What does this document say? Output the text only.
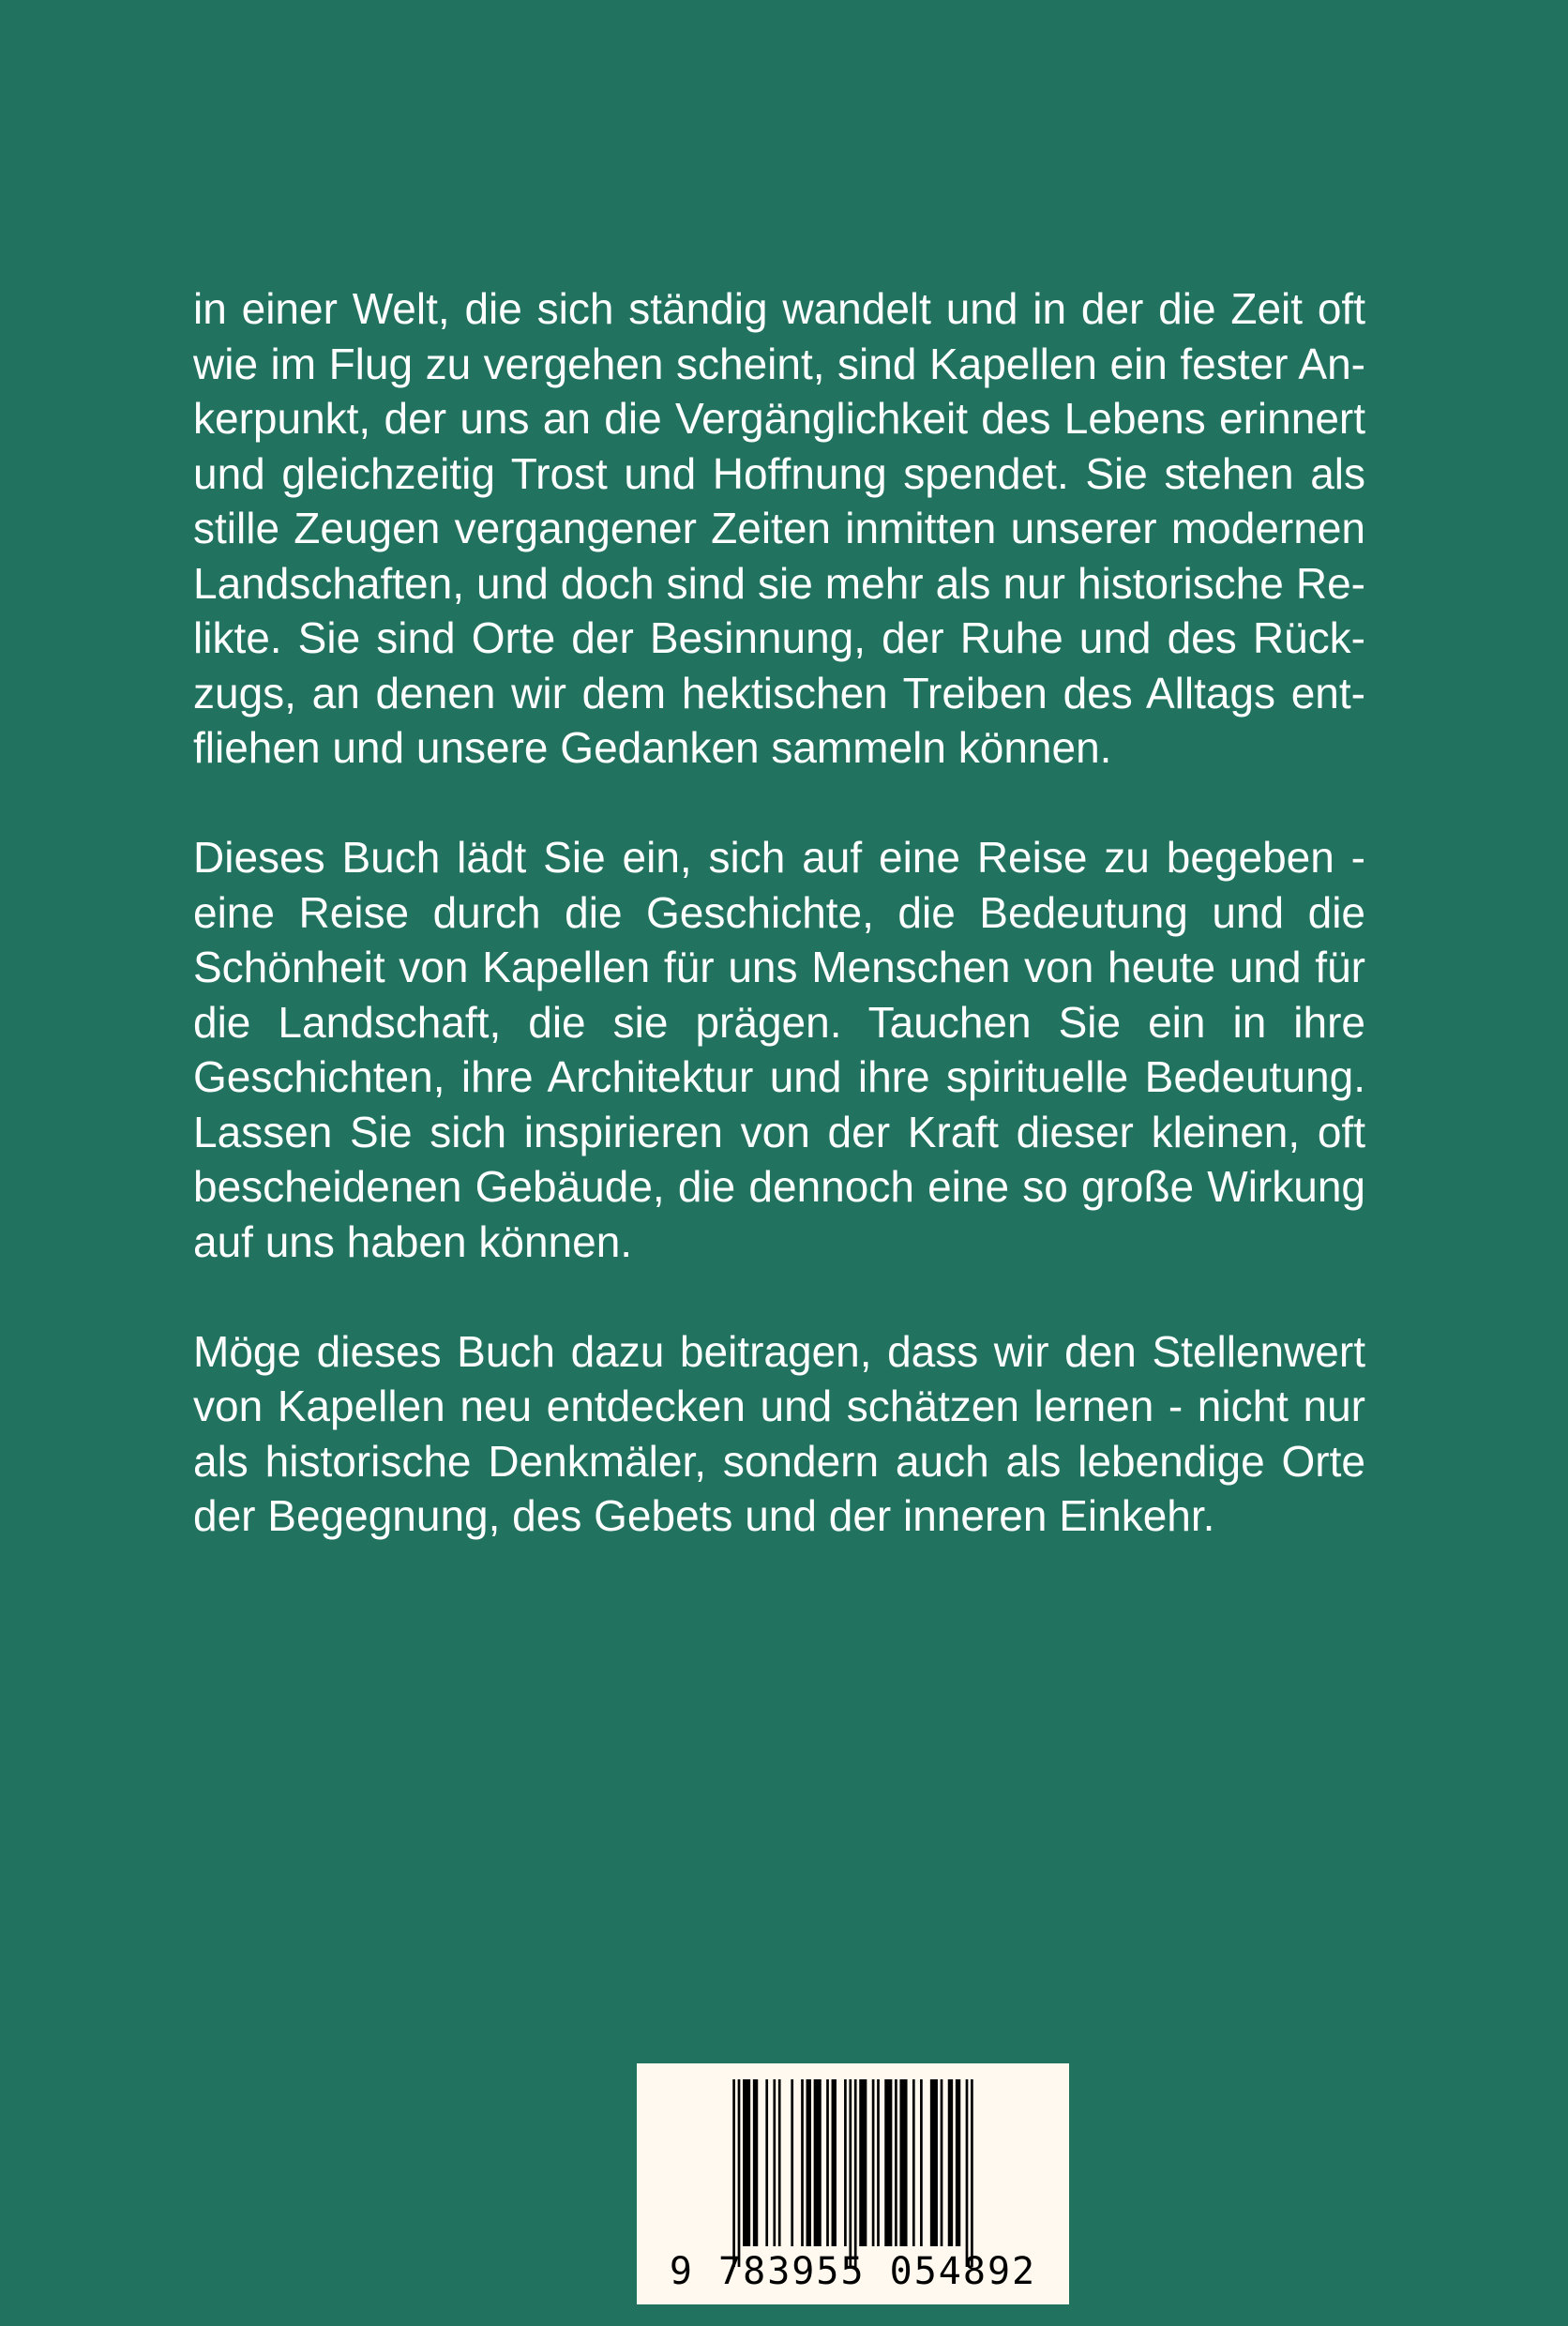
in einer Welt, die sich ständig wandelt und in der die Zeit oft wie im Flug zu vergehen scheint, sind Kapellen ein fester Ankerpunkt, der uns an die Vergänglichkeit des Lebens erinnert und gleichzeitig Trost und Hoffnung spendet. Sie stehen als stille Zeugen vergangener Zeiten inmitten unserer modernen Landschaften, und doch sind sie mehr als nur historische Relikte. Sie sind Orte der Besinnung, der Ruhe und des Rückzugs, an denen wir dem hektischen Treiben des Alltags entfliehen und unsere Gedanken sammeln können.

Dieses Buch lädt Sie ein, sich auf eine Reise zu begeben - eine Reise durch die Geschichte, die Bedeutung und die Schönheit von Kapellen für uns Menschen von heute und für die Landschaft, die sie prägen. Tauchen Sie ein in ihre Geschichten, ihre Architektur und ihre spirituelle Bedeutung. Lassen Sie sich inspirieren von der Kraft dieser kleinen, oft bescheidenen Gebäude, die dennoch eine so große Wirkung auf uns haben können.

Möge dieses Buch dazu beitragen, dass wir den Stellenwert von Kapellen neu entdecken und schätzen lernen - nicht nur als historische Denkmäler, sondern auch als lebendige Orte der Begegnung, des Gebets und der inneren Einkehr.

9 783955 054892
